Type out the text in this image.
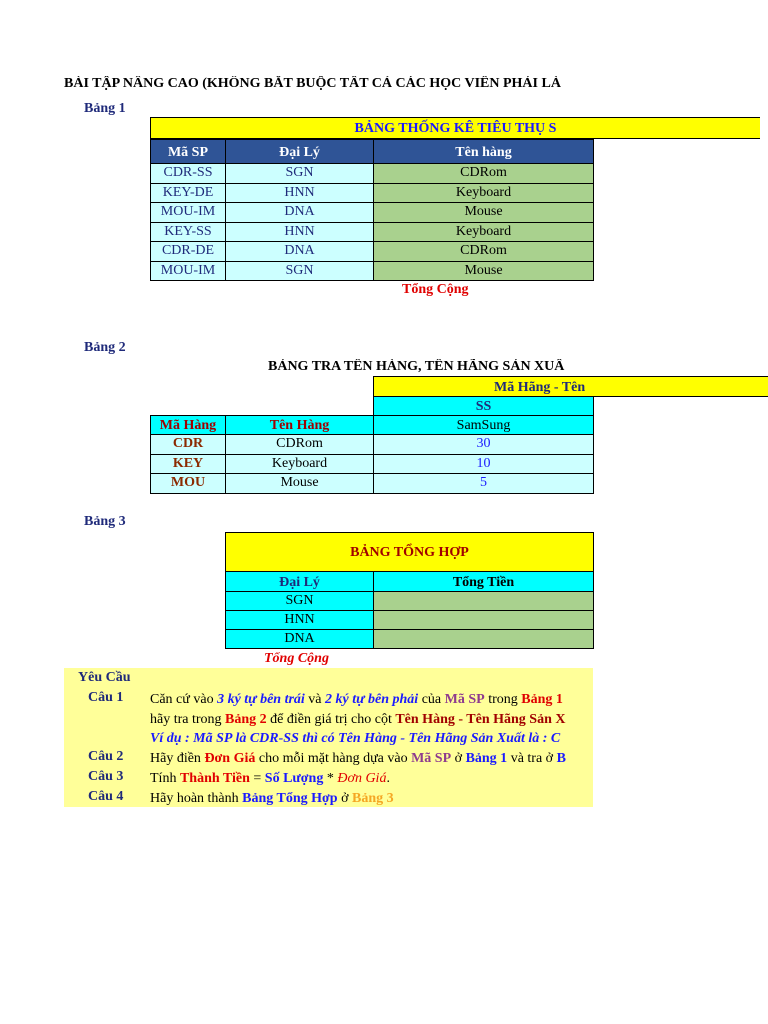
BÀI TẬP NÂNG CAO (KHÔNG BẮT BUỘC TẤT CẢ CÁC HỌC VIÊN PHẢI LÀ
Bảng 1
BẢNG THỐNG KÊ TIÊU THỤ S
Mã SP	Đại Lý	Tên hàng
CDR-SS	SGN	CDRom
KEY-DE	HNN	Keyboard
MOU-IM	DNA	Mouse
KEY-SS	HNN	Keyboard
CDR-DE	DNA	CDRom
MOU-IM	SGN	Mouse
Tổng Cộng
Bảng 2
BẢNG TRA TÊN HÀNG, TÊN HÃNG SẢN XUẤ
Mã Hãng - Tên
SS
Mã Hàng	Tên Hàng	SamSung
CDR	CDRom	30
KEY	Keyboard	10
MOU	Mouse	5
Bảng 3
BẢNG TỔNG HỢP
Đại Lý	Tổng Tiền
SGN
HNN
DNA
Tổng Cộng
Yêu Cầu
Câu 1 Căn cứ vào 3 ký tự bên trái và 2 ký tự bên phải của Mã SP trong Bảng 1
hãy tra trong Bảng 2 để điền giá trị cho cột Tên Hàng - Tên Hãng Sản X
Ví dụ : Mã SP là CDR-SS thì có Tên Hàng - Tên Hãng Sản Xuất là : C
Câu 2 Hãy điền Đơn Giá cho mỗi mặt hàng dựa vào Mã SP ở Bảng 1 và tra ở B
Câu 3 Tính Thành Tiền = Số Lượng * Đơn Giá.
Câu 4 Hãy hoàn thành Bảng Tổng Hợp ở Bảng 3
